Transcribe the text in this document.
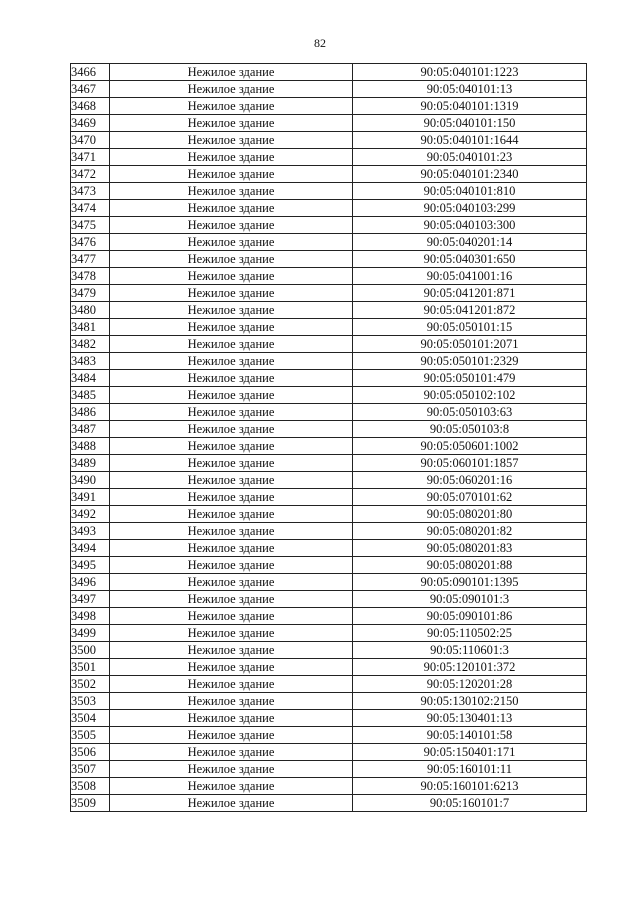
82
3466	Нежилое здание	90:05:040101:1223
3467	Нежилое здание	90:05:040101:13
3468	Нежилое здание	90:05:040101:1319
3469	Нежилое здание	90:05:040101:150
3470	Нежилое здание	90:05:040101:1644
3471	Нежилое здание	90:05:040101:23
3472	Нежилое здание	90:05:040101:2340
3473	Нежилое здание	90:05:040101:810
3474	Нежилое здание	90:05:040103:299
3475	Нежилое здание	90:05:040103:300
3476	Нежилое здание	90:05:040201:14
3477	Нежилое здание	90:05:040301:650
3478	Нежилое здание	90:05:041001:16
3479	Нежилое здание	90:05:041201:871
3480	Нежилое здание	90:05:041201:872
3481	Нежилое здание	90:05:050101:15
3482	Нежилое здание	90:05:050101:2071
3483	Нежилое здание	90:05:050101:2329
3484	Нежилое здание	90:05:050101:479
3485	Нежилое здание	90:05:050102:102
3486	Нежилое здание	90:05:050103:63
3487	Нежилое здание	90:05:050103:8
3488	Нежилое здание	90:05:050601:1002
3489	Нежилое здание	90:05:060101:1857
3490	Нежилое здание	90:05:060201:16
3491	Нежилое здание	90:05:070101:62
3492	Нежилое здание	90:05:080201:80
3493	Нежилое здание	90:05:080201:82
3494	Нежилое здание	90:05:080201:83
3495	Нежилое здание	90:05:080201:88
3496	Нежилое здание	90:05:090101:1395
3497	Нежилое здание	90:05:090101:3
3498	Нежилое здание	90:05:090101:86
3499	Нежилое здание	90:05:110502:25
3500	Нежилое здание	90:05:110601:3
3501	Нежилое здание	90:05:120101:372
3502	Нежилое здание	90:05:120201:28
3503	Нежилое здание	90:05:130102:2150
3504	Нежилое здание	90:05:130401:13
3505	Нежилое здание	90:05:140101:58
3506	Нежилое здание	90:05:150401:171
3507	Нежилое здание	90:05:160101:11
3508	Нежилое здание	90:05:160101:6213
3509	Нежилое здание	90:05:160101:7
